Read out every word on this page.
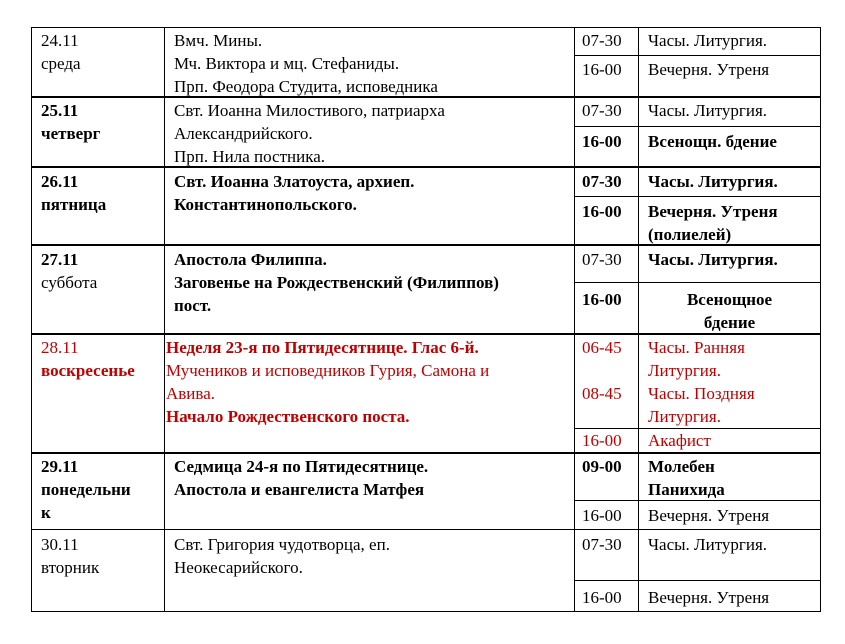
24.11
среда
Вмч. Мины.
Мч. Виктора и мц. Стефаниды.
Прп. Феодора Студита, исповедника
07-30 Часы. Литургия.
16-00 Вечерня. Утреня
25.11
четверг
Свт. Иоанна Милостивого, патриарха
Александрийского.
Прп. Нила постника.
07-30 Часы. Литургия.
16-00 Всенощн. бдение
26.11
пятница
Свт. Иоанна Златоуста, архиеп.
Константинопольского.
07-30 Часы. Литургия.
16-00 Вечерня. Утреня
(полиелей)
27.11
суббота
Апостола Филиппа.
Заговенье на Рождественский (Филиппов)
пост.
07-30 Часы. Литургия.
16-00	Всенощное
бдение
28.11
воскресенье
Неделя 23-я по Пятидесятнице. Глас 6-й.
Мучеников и исповедников Гурия, Самона и
Авива.
Начало Рождественского поста.
06-45 Часы. Ранняя
Литургия.
08-45 Часы. Поздняя
Литургия.
16-00 Акафист
29.11
понедельни
к
Седмица 24-я по Пятидесятнице.
Апостола и евангелиста Матфея
09-00 Молебен
Панихида
16-00 Вечерня. Утреня
30.11
вторник
Свт. Григория чудотворца, еп.
Неокесарийского.
07-30 Часы. Литургия.
16-00 Вечерня. Утреня
